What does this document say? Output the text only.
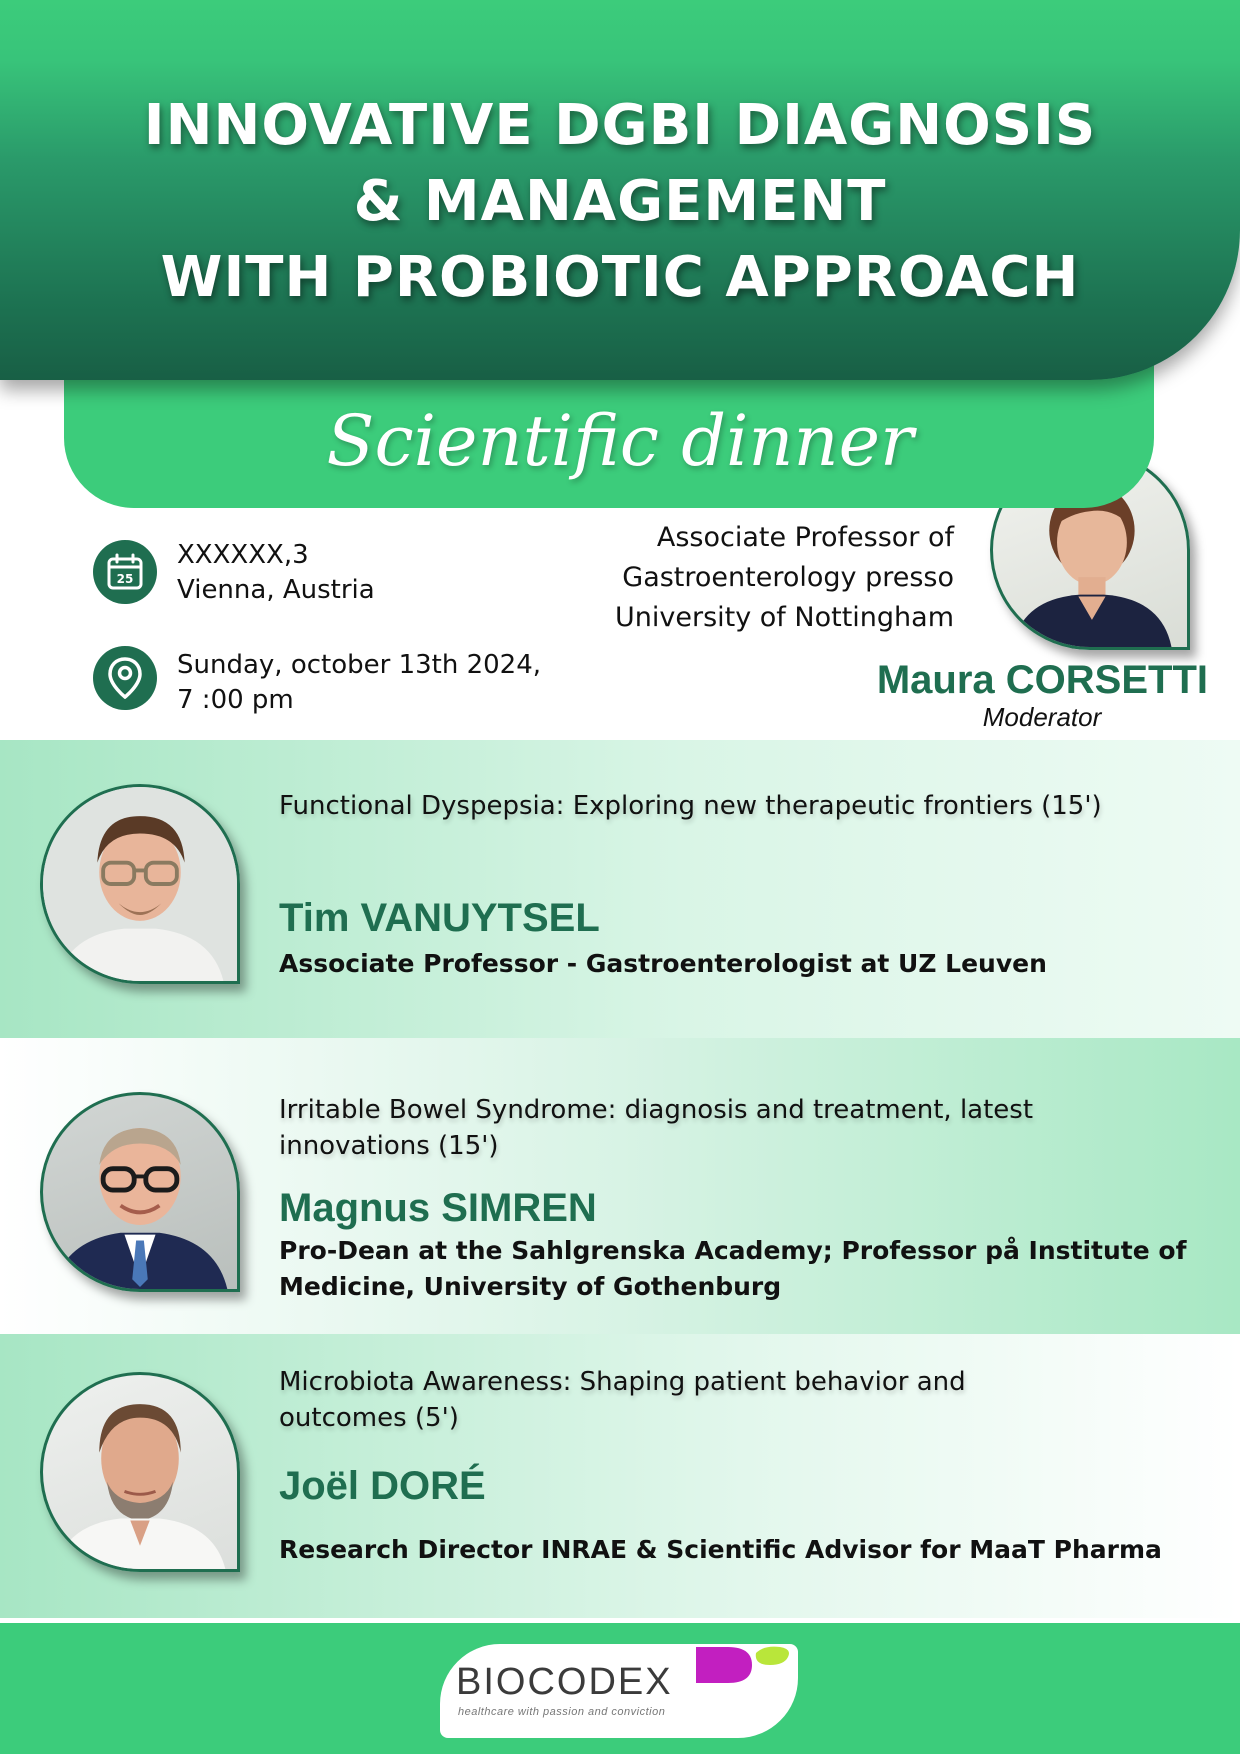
INNOVATIVE DGBI DIAGNOSIS
& MANAGEMENT
WITH PROBIOTIC APPROACH
Scientific dinner
25
XXXXXX,3
Vienna, Austria
Sunday, october 13th 2024,
7 :00 pm
Associate Professor of
Gastroenterology presso
University of Nottingham
Maura CORSETTI
Moderator
Functional Dyspepsia: Exploring new therapeutic frontiers (15')
Tim VANUYTSEL
Associate Professor - Gastroenterologist at UZ Leuven
Irritable Bowel Syndrome: diagnosis and treatment, latest
innovations (15')
Magnus SIMREN
Pro-Dean at the Sahlgrenska Academy; Professor på Institute of
Medicine, University of Gothenburg
Microbiota Awareness: Shaping patient behavior and
outcomes (5')
Joël DORÉ
Research Director INRAE & Scientific Advisor for MaaT Pharma
BIOCODEX
healthcare with passion and conviction
